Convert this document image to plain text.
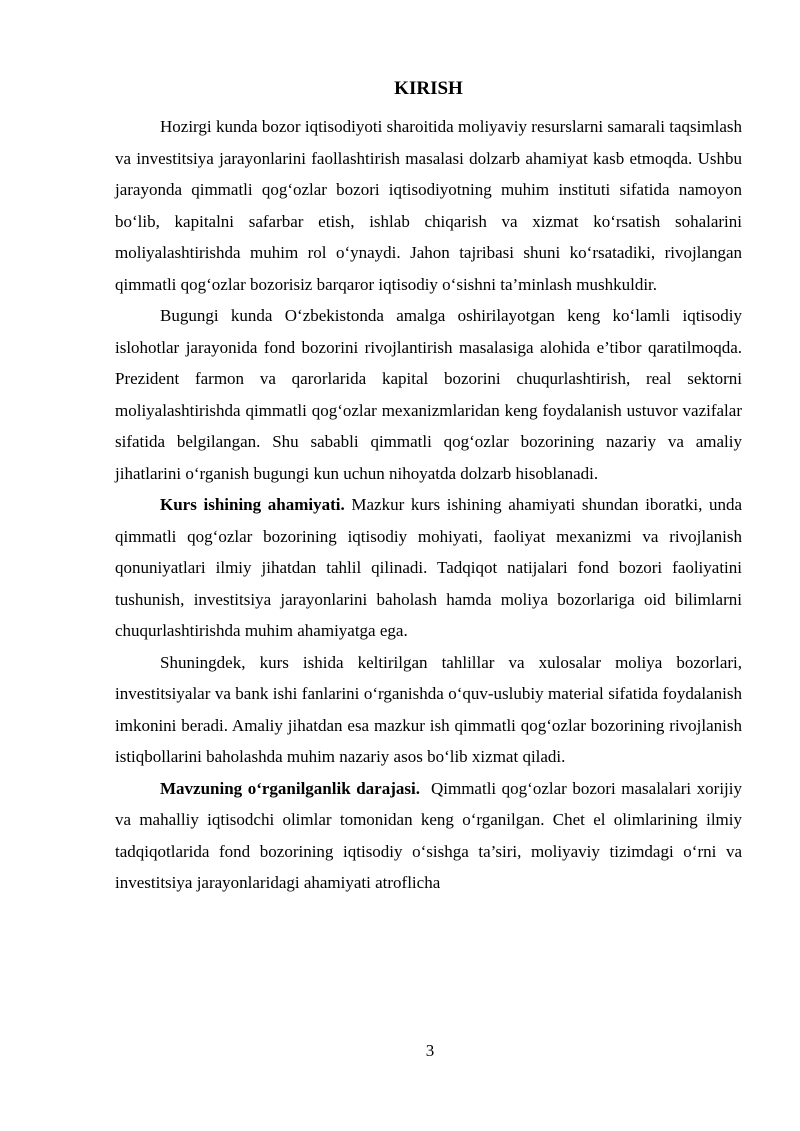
KIRISH

Hozirgi kunda bozor iqtisodiyoti sharoitida moliyaviy resurslarni samarali taqsimlash va investitsiya jarayonlarini faollashtirish masalasi dolzarb ahamiyat kasb etmoqda. Ushbu jarayonda qimmatli qog‘ozlar bozori iqtisodiyotning muhim instituti sifatida namoyon bo‘lib, kapitalni safarbar etish, ishlab chiqarish va xizmat ko‘rsatish sohalarini moliyalashtirishda muhim rol o‘ynaydi. Jahon tajribasi shuni ko‘rsatadiki, rivojlangan qimmatli qog‘ozlar bozorisiz barqaror iqtisodiy o‘sishni ta’minlash mushkuldir.

Bugungi kunda O‘zbekistonda amalga oshirilayotgan keng ko‘lamli iqtisodiy islohotlar jarayonida fond bozorini rivojlantirish masalasiga alohida e’tibor qaratilmoqda. Prezident farmon va qarorlarida kapital bozorini chuqurlashtirish, real sektorni moliyalashtirishda qimmatli qog‘ozlar mexanizmlaridan keng foydalanish ustuvor vazifalar sifatida belgilangan. Shu sababli qimmatli qog‘ozlar bozorining nazariy va amaliy jihatlarini o‘rganish bugungi kun uchun nihoyatda dolzarb hisoblanadi.

Kurs ishining ahamiyati. Mazkur kurs ishining ahamiyati shundan iboratki, unda qimmatli qog‘ozlar bozorining iqtisodiy mohiyati, faoliyat mexanizmi va rivojlanish qonuniyatlari ilmiy jihatdan tahlil qilinadi. Tadqiqot natijalari fond bozori faoliyatini tushunish, investitsiya jarayonlarini baholash hamda moliya bozorlariga oid bilimlarni chuqurlashtirishda muhim ahamiyatga ega.

Shuningdek, kurs ishida keltirilgan tahlillar va xulosalar moliya bozorlari, investitsiyalar va bank ishi fanlarini o‘rganishda o‘quv-uslubiy material sifatida foydalanish imkonini beradi. Amaliy jihatdan esa mazkur ish qimmatli qog‘ozlar bozorining rivojlanish istiqbollarini baholashda muhim nazariy asos bo‘lib xizmat qiladi.

Mavzuning o‘rganilganlik darajasi.  Qimmatli qog‘ozlar bozori masalalari xorijiy va mahalliy iqtisodchi olimlar tomonidan keng o‘rganilgan. Chet el olimlarining ilmiy tadqiqotlarida fond bozorining iqtisodiy o‘sishga ta’siri, moliyaviy tizimdagi o‘rni va investitsiya jarayonlaridagi ahamiyati atroflicha

3
